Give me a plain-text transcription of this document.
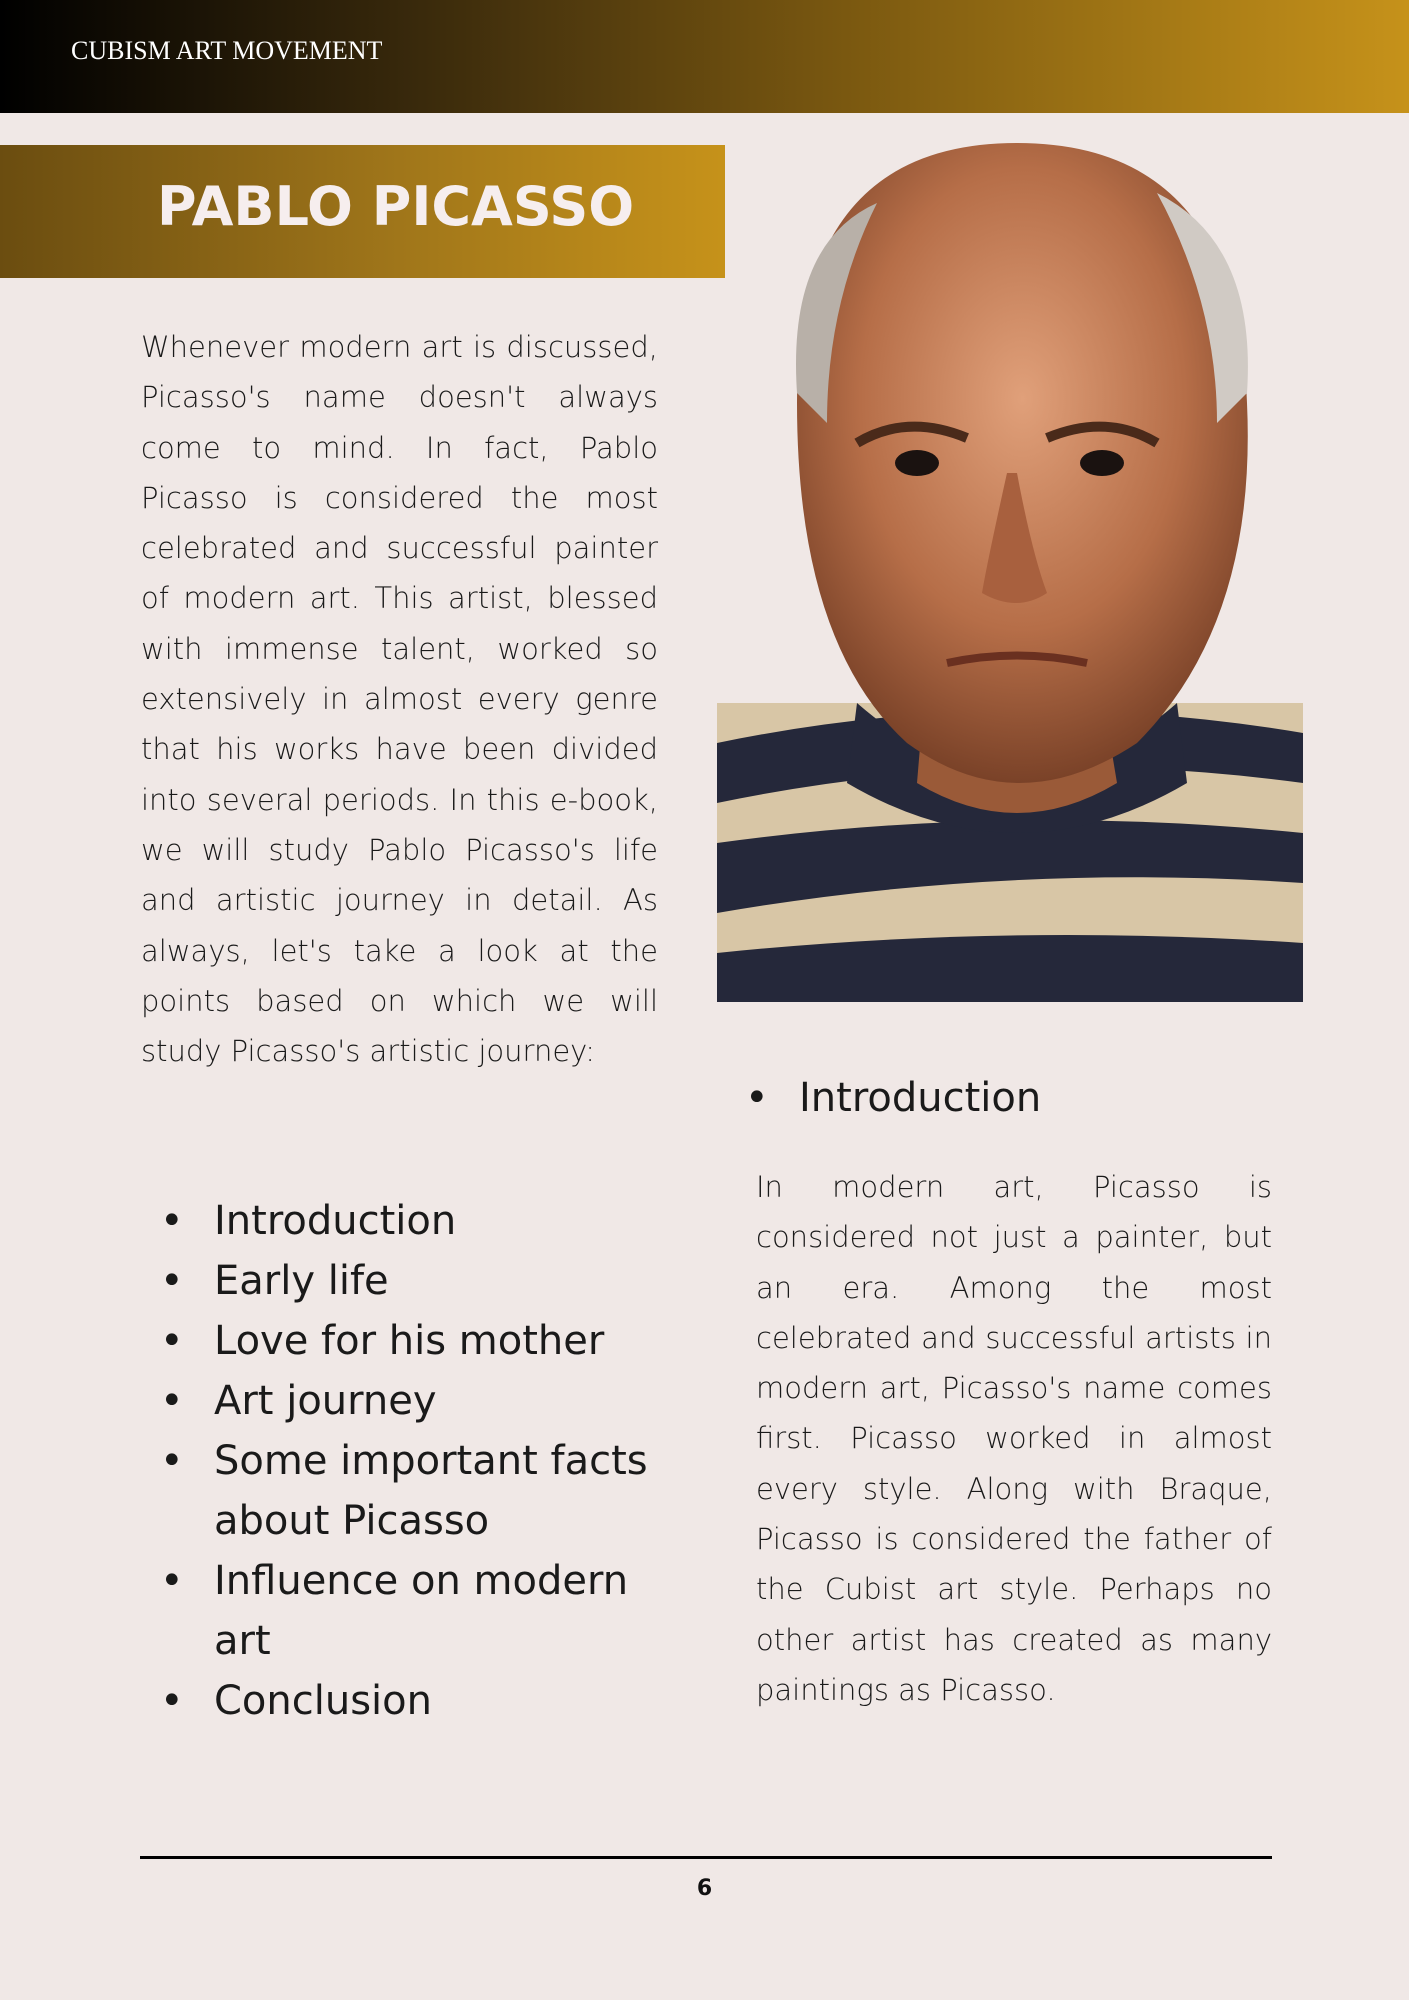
CUBISM ART MOVEMENT
PABLO PICASSO
Whenever modern art is discussed, Picasso's name doesn't always come to mind. In fact, Pablo Picasso is considered the most celebrated and successful painter of modern art. This artist, blessed with immense talent, worked so extensively in almost every genre that his works have been divided into several periods. In this e-book, we will study Pablo Picasso's life and artistic journey in detail. As always, let's take a look at the points based on which we will study Picasso's artistic journey:
• Introduction
• Early life
• Love for his mother
• Art journey
• Some important facts about Picasso
• Influence on modern art
• Conclusion
• Introduction
In modern art, Picasso is considered not just a painter, but an era. Among the most celebrated and successful artists in modern art, Picasso's name comes first. Picasso worked in almost every style. Along with Braque, Picasso is considered the father of the Cubist art style. Perhaps no other artist has created as many paintings as Picasso.
6
